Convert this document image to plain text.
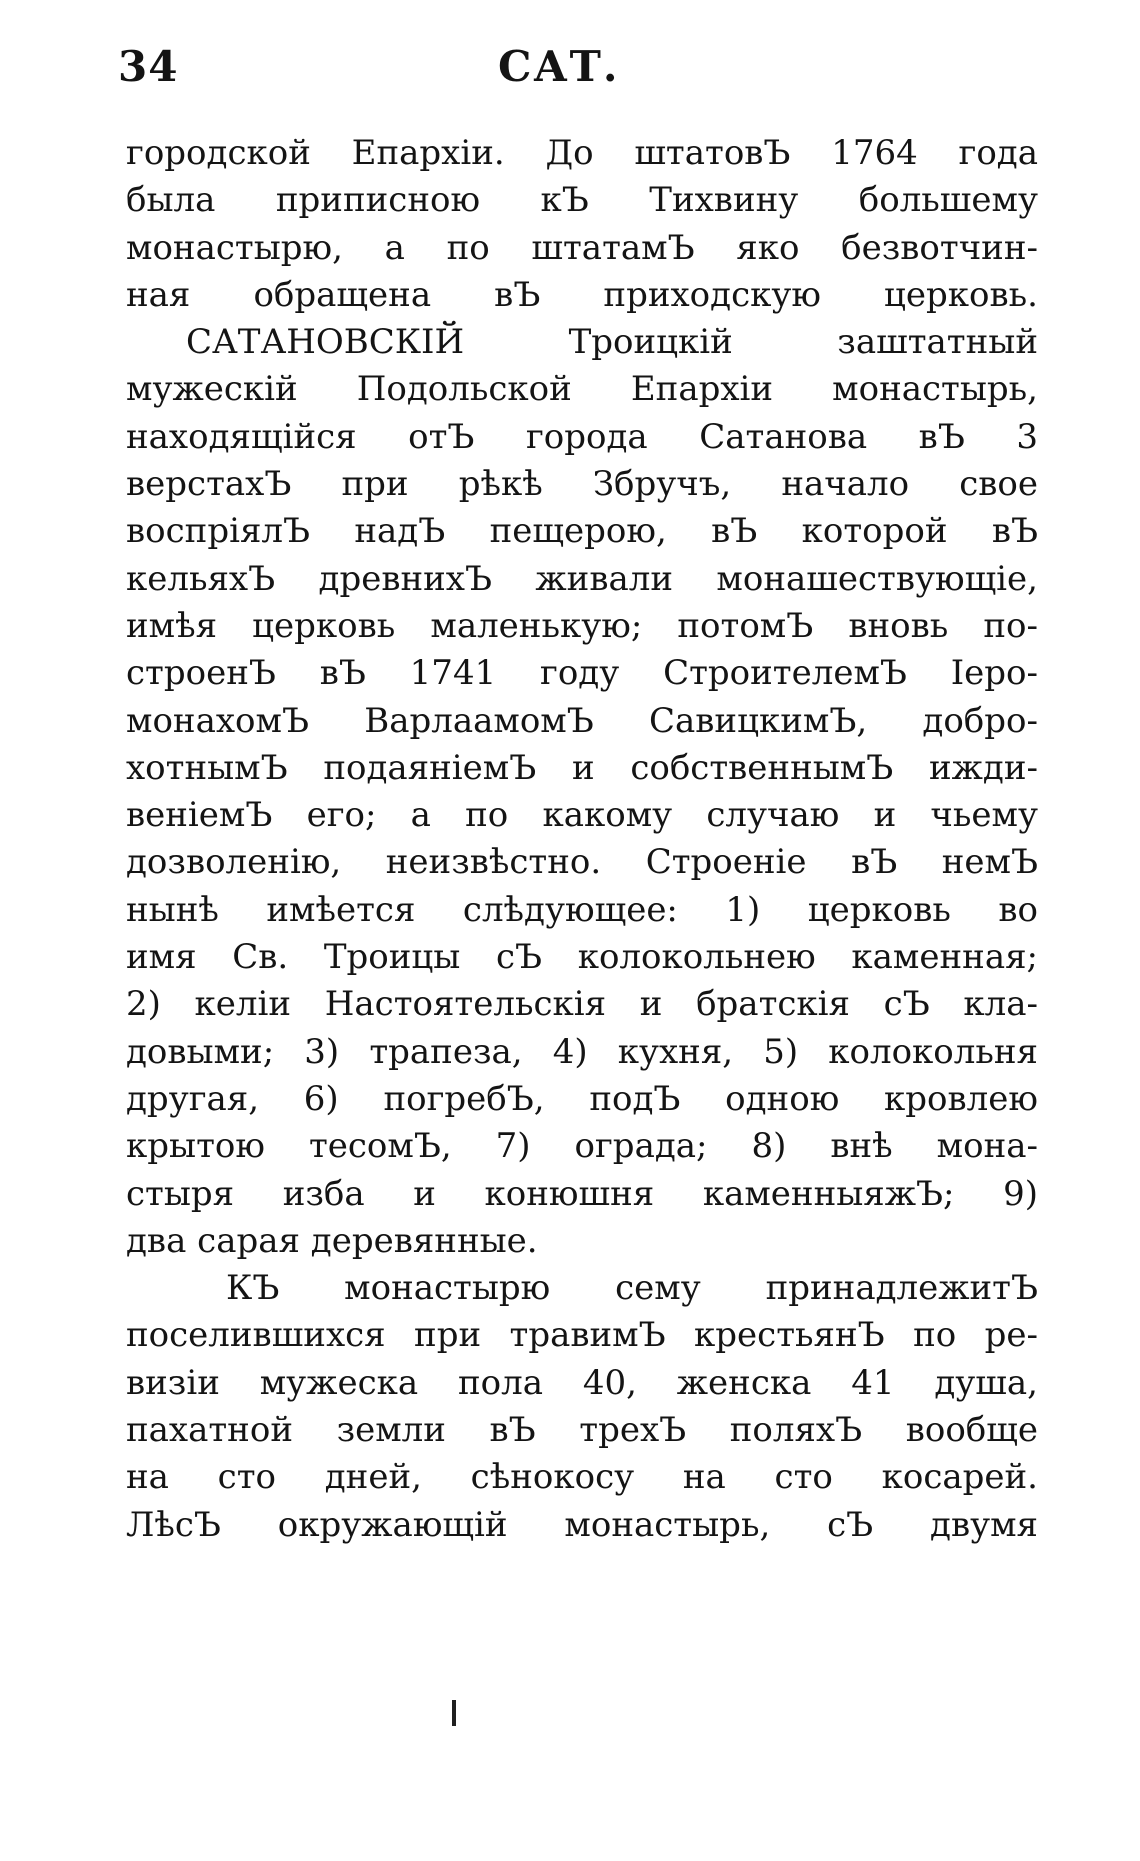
34	САТ.
городской Епархіи. До штатовЪ 1764 года
была приписною кЪ Тихвину большему
монастырю, а по штатамЪ яко безвотчин-
ная обращена вЪ приходскую церковь.
САТАНОВСКІЙ Троицкій заштатный
мужескій Подольской Епархіи монастырь,
находящійся отЪ города Сатанова вЪ 3
верстахЪ при рѣкѣ Збручъ, начало свое
воспріялЪ надЪ пещерою, вЪ которой вЪ
кельяхЪ древнихЪ живали монашествующіе,
имѣя церковь маленькую; потомЪ вновь по-
строенЪ вЪ 1741 году СтроителемЪ Іеро-
монахомЪ ВарлаамомЪ СавицкимЪ, добро-
хотнымЪ подаяніемЪ и собственнымЪ ижди-
веніемЪ его; а по какому случаю и чьему
дозволенію, неизвѣстно. Строеніе вЪ немЪ
нынѣ имѣется слѣдующее: 1) церковь во
имя Св. Троицы сЪ колокольнею каменная;
2) келіи Настоятельскія и братскія сЪ кла-
довыми; 3) трапеза, 4) кухня, 5) колокольня
другая, 6) погребЪ, подЪ одною кровлею
крытою тесомЪ, 7) ограда; 8) внѣ мона-
стыря изба и конюшня каменныяжЪ; 9)
два сарая деревянные.
КЪ монастырю сему принадлежитЪ
поселившихся при травимЪ крестьянЪ по ре-
визіи мужеска пола 40, женска 41 душа,
пахатной земли вЪ трехЪ поляхЪ вообще
на сто дней, сѣнокосу на сто косарей.
ЛѣсЪ окружающій монастырь, сЪ двумя
